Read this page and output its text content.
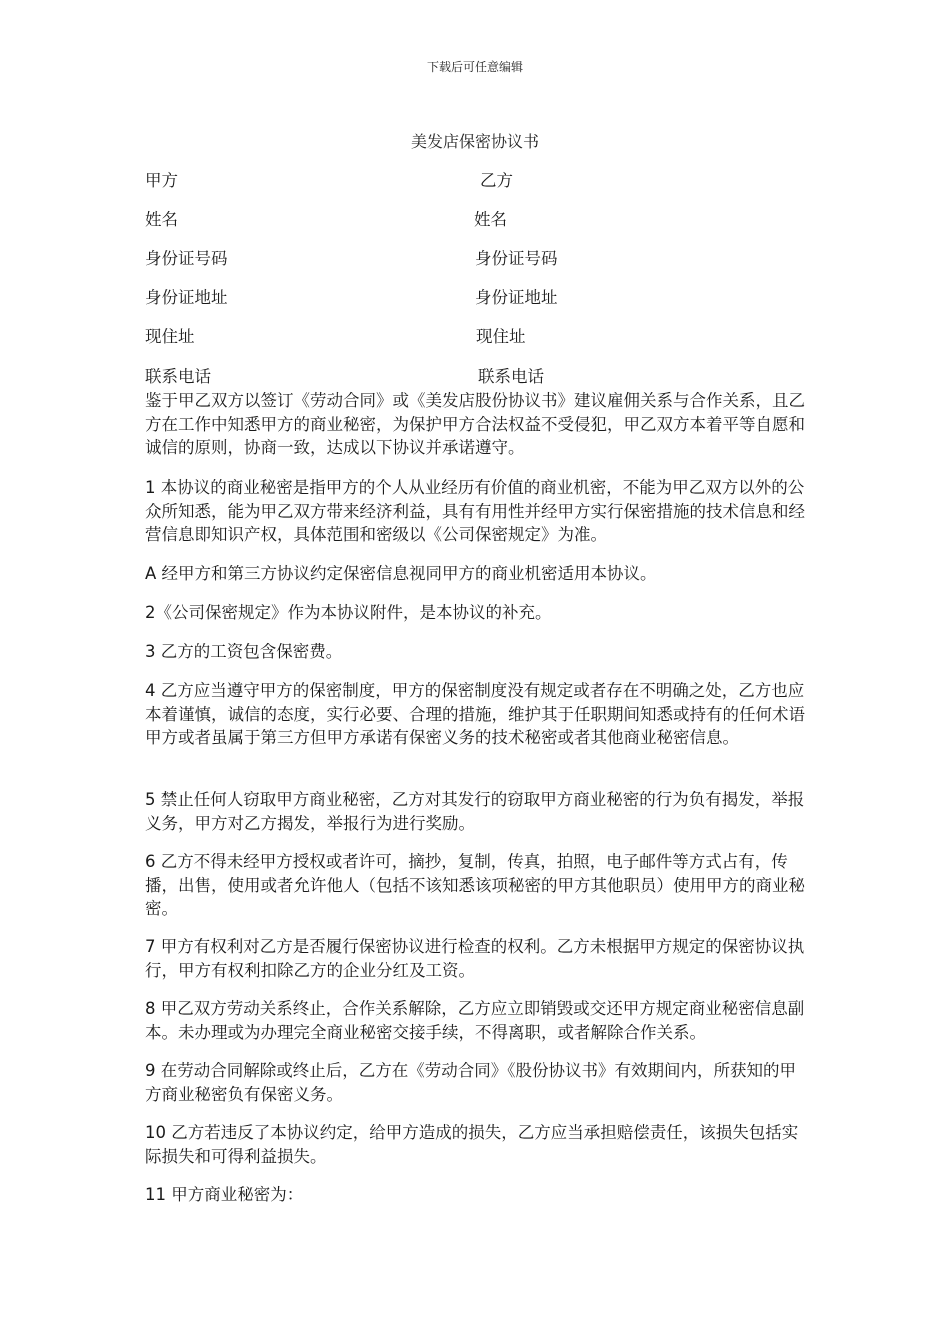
下载后可任意编辑
美发店保密协议书
甲方	乙方
姓名	姓名
身份证号码	身份证号码
身份证地址	身份证地址
现住址	现住址
联系电话	联系电话

鉴于甲乙双方以签订《劳动合同》或《美发店股份协议书》建议雇佣关系与合作关系，且乙方在工作中知悉甲方的商业秘密，为保护甲方合法权益不受侵犯，甲乙双方本着平等自愿和诚信的原则，协商一致，达成以下协议并承诺遵守。

1 本协议的商业秘密是指甲方的个人从业经历有价值的商业机密，不能为甲乙双方以外的公众所知悉，能为甲乙双方带来经济利益，具有有用性并经甲方实行保密措施的技术信息和经营信息即知识产权，具体范围和密级以《公司保密规定》为准。

A 经甲方和第三方协议约定保密信息视同甲方的商业机密适用本协议。

2《公司保密规定》作为本协议附件，是本协议的补充。

3 乙方的工资包含保密费。

4 乙方应当遵守甲方的保密制度，甲方的保密制度没有规定或者存在不明确之处，乙方也应本着谨慎，诚信的态度，实行必要、合理的措施，维护其于任职期间知悉或持有的任何术语甲方或者虽属于第三方但甲方承诺有保密义务的技术秘密或者其他商业秘密信息。

5 禁止任何人窃取甲方商业秘密，乙方对其发行的窃取甲方商业秘密的行为负有揭发，举报义务，甲方对乙方揭发，举报行为进行奖励。

6 乙方不得未经甲方授权或者许可，摘抄，复制，传真，拍照，电子邮件等方式占有，传播，出售，使用或者允许他人（包括不该知悉该项秘密的甲方其他职员）使用甲方的商业秘密。

7 甲方有权利对乙方是否履行保密协议进行检查的权利。乙方未根据甲方规定的保密协议执行，甲方有权利扣除乙方的企业分红及工资。

8 甲乙双方劳动关系终止，合作关系解除，乙方应立即销毁或交还甲方规定商业秘密信息副本。未办理或为办理完全商业秘密交接手续，不得离职，或者解除合作关系。

9 在劳动合同解除或终止后，乙方在《劳动合同》《股份协议书》有效期间内，所获知的甲方商业秘密负有保密义务。

10 乙方若违反了本协议约定，给甲方造成的损失，乙方应当承担赔偿责任，该损失包括实际损失和可得利益损失。

11 甲方商业秘密为：
